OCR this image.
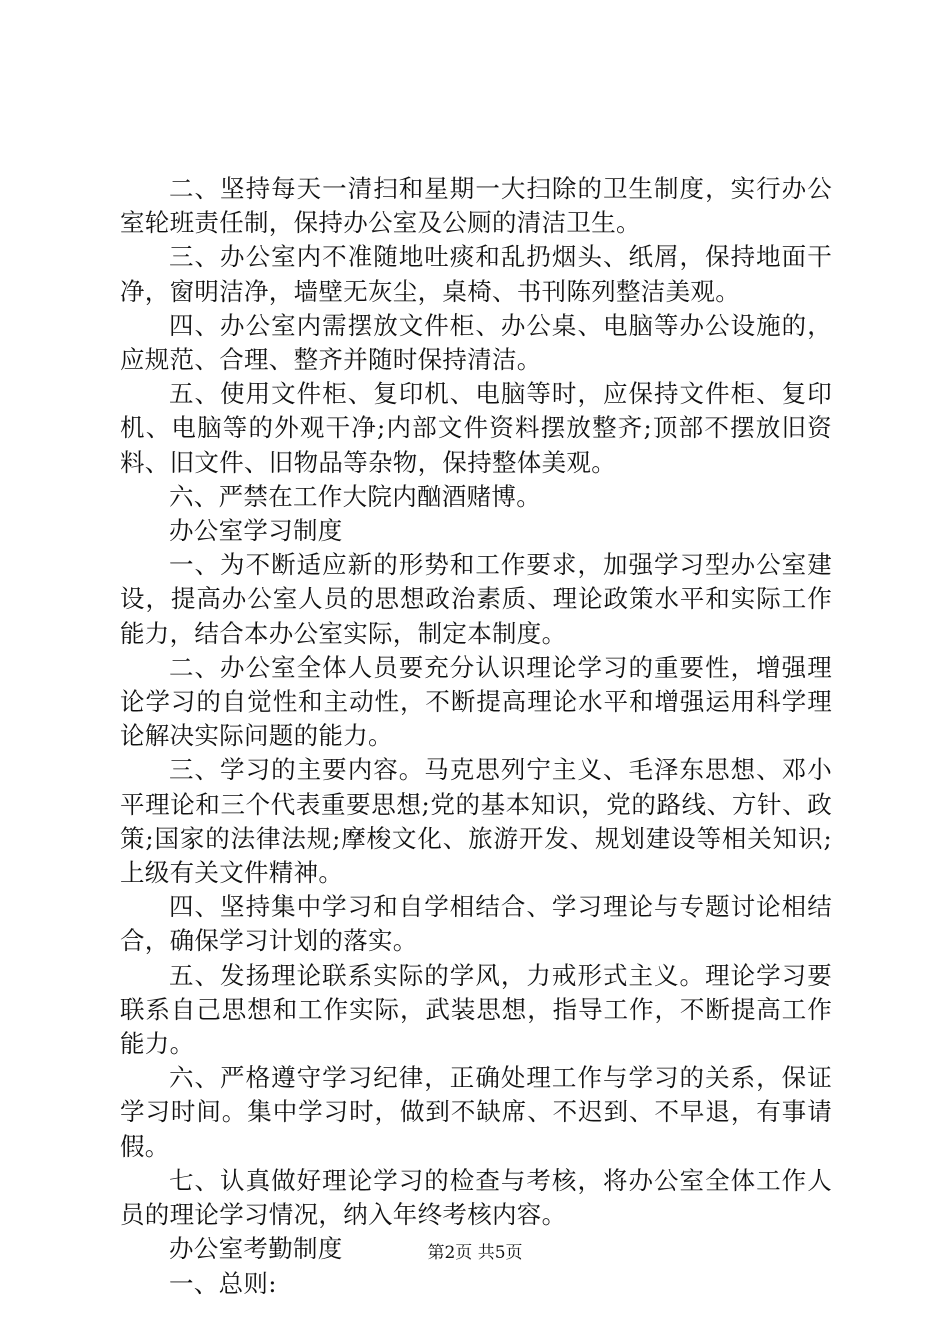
二、坚持每天一清扫和星期一大扫除的卫生制度，实行办公室轮班责任制，保持办公室及公厕的清洁卫生。

三、办公室内不准随地吐痰和乱扔烟头、纸屑，保持地面干净，窗明洁净，墙壁无灰尘，桌椅、书刊陈列整洁美观。

四、办公室内需摆放文件柜、办公桌、电脑等办公设施的，应规范、合理、整齐并随时保持清洁。

五、使用文件柜、复印机、电脑等时，应保持文件柜、复印机、电脑等的外观干净;内部文件资料摆放整齐;顶部不摆放旧资料、旧文件、旧物品等杂物，保持整体美观。

六、严禁在工作大院内酗酒赌博。

办公室学习制度

一、为不断适应新的形势和工作要求，加强学习型办公室建设，提高办公室人员的思想政治素质、理论政策水平和实际工作能力，结合本办公室实际，制定本制度。

二、办公室全体人员要充分认识理论学习的重要性，增强理论学习的自觉性和主动性，不断提高理论水平和增强运用科学理论解决实际问题的能力。

三、学习的主要内容。马克思列宁主义、毛泽东思想、邓小平理论和三个代表重要思想;党的基本知识，党的路线、方针、政策;国家的法律法规;摩梭文化、旅游开发、规划建设等相关知识;上级有关文件精神。

四、坚持集中学习和自学相结合、学习理论与专题讨论相结合，确保学习计划的落实。

五、发扬理论联系实际的学风，力戒形式主义。理论学习要联系自己思想和工作实际，武装思想，指导工作，不断提高工作能力。

六、严格遵守学习纪律，正确处理工作与学习的关系，保证学习时间。集中学习时，做到不缺席、不迟到、不早退，有事请假。

七、认真做好理论学习的检查与考核，将办公室全体工作人员的理论学习情况，纳入年终考核内容。

办公室考勤制度

一、总则:

第2页 共5页
